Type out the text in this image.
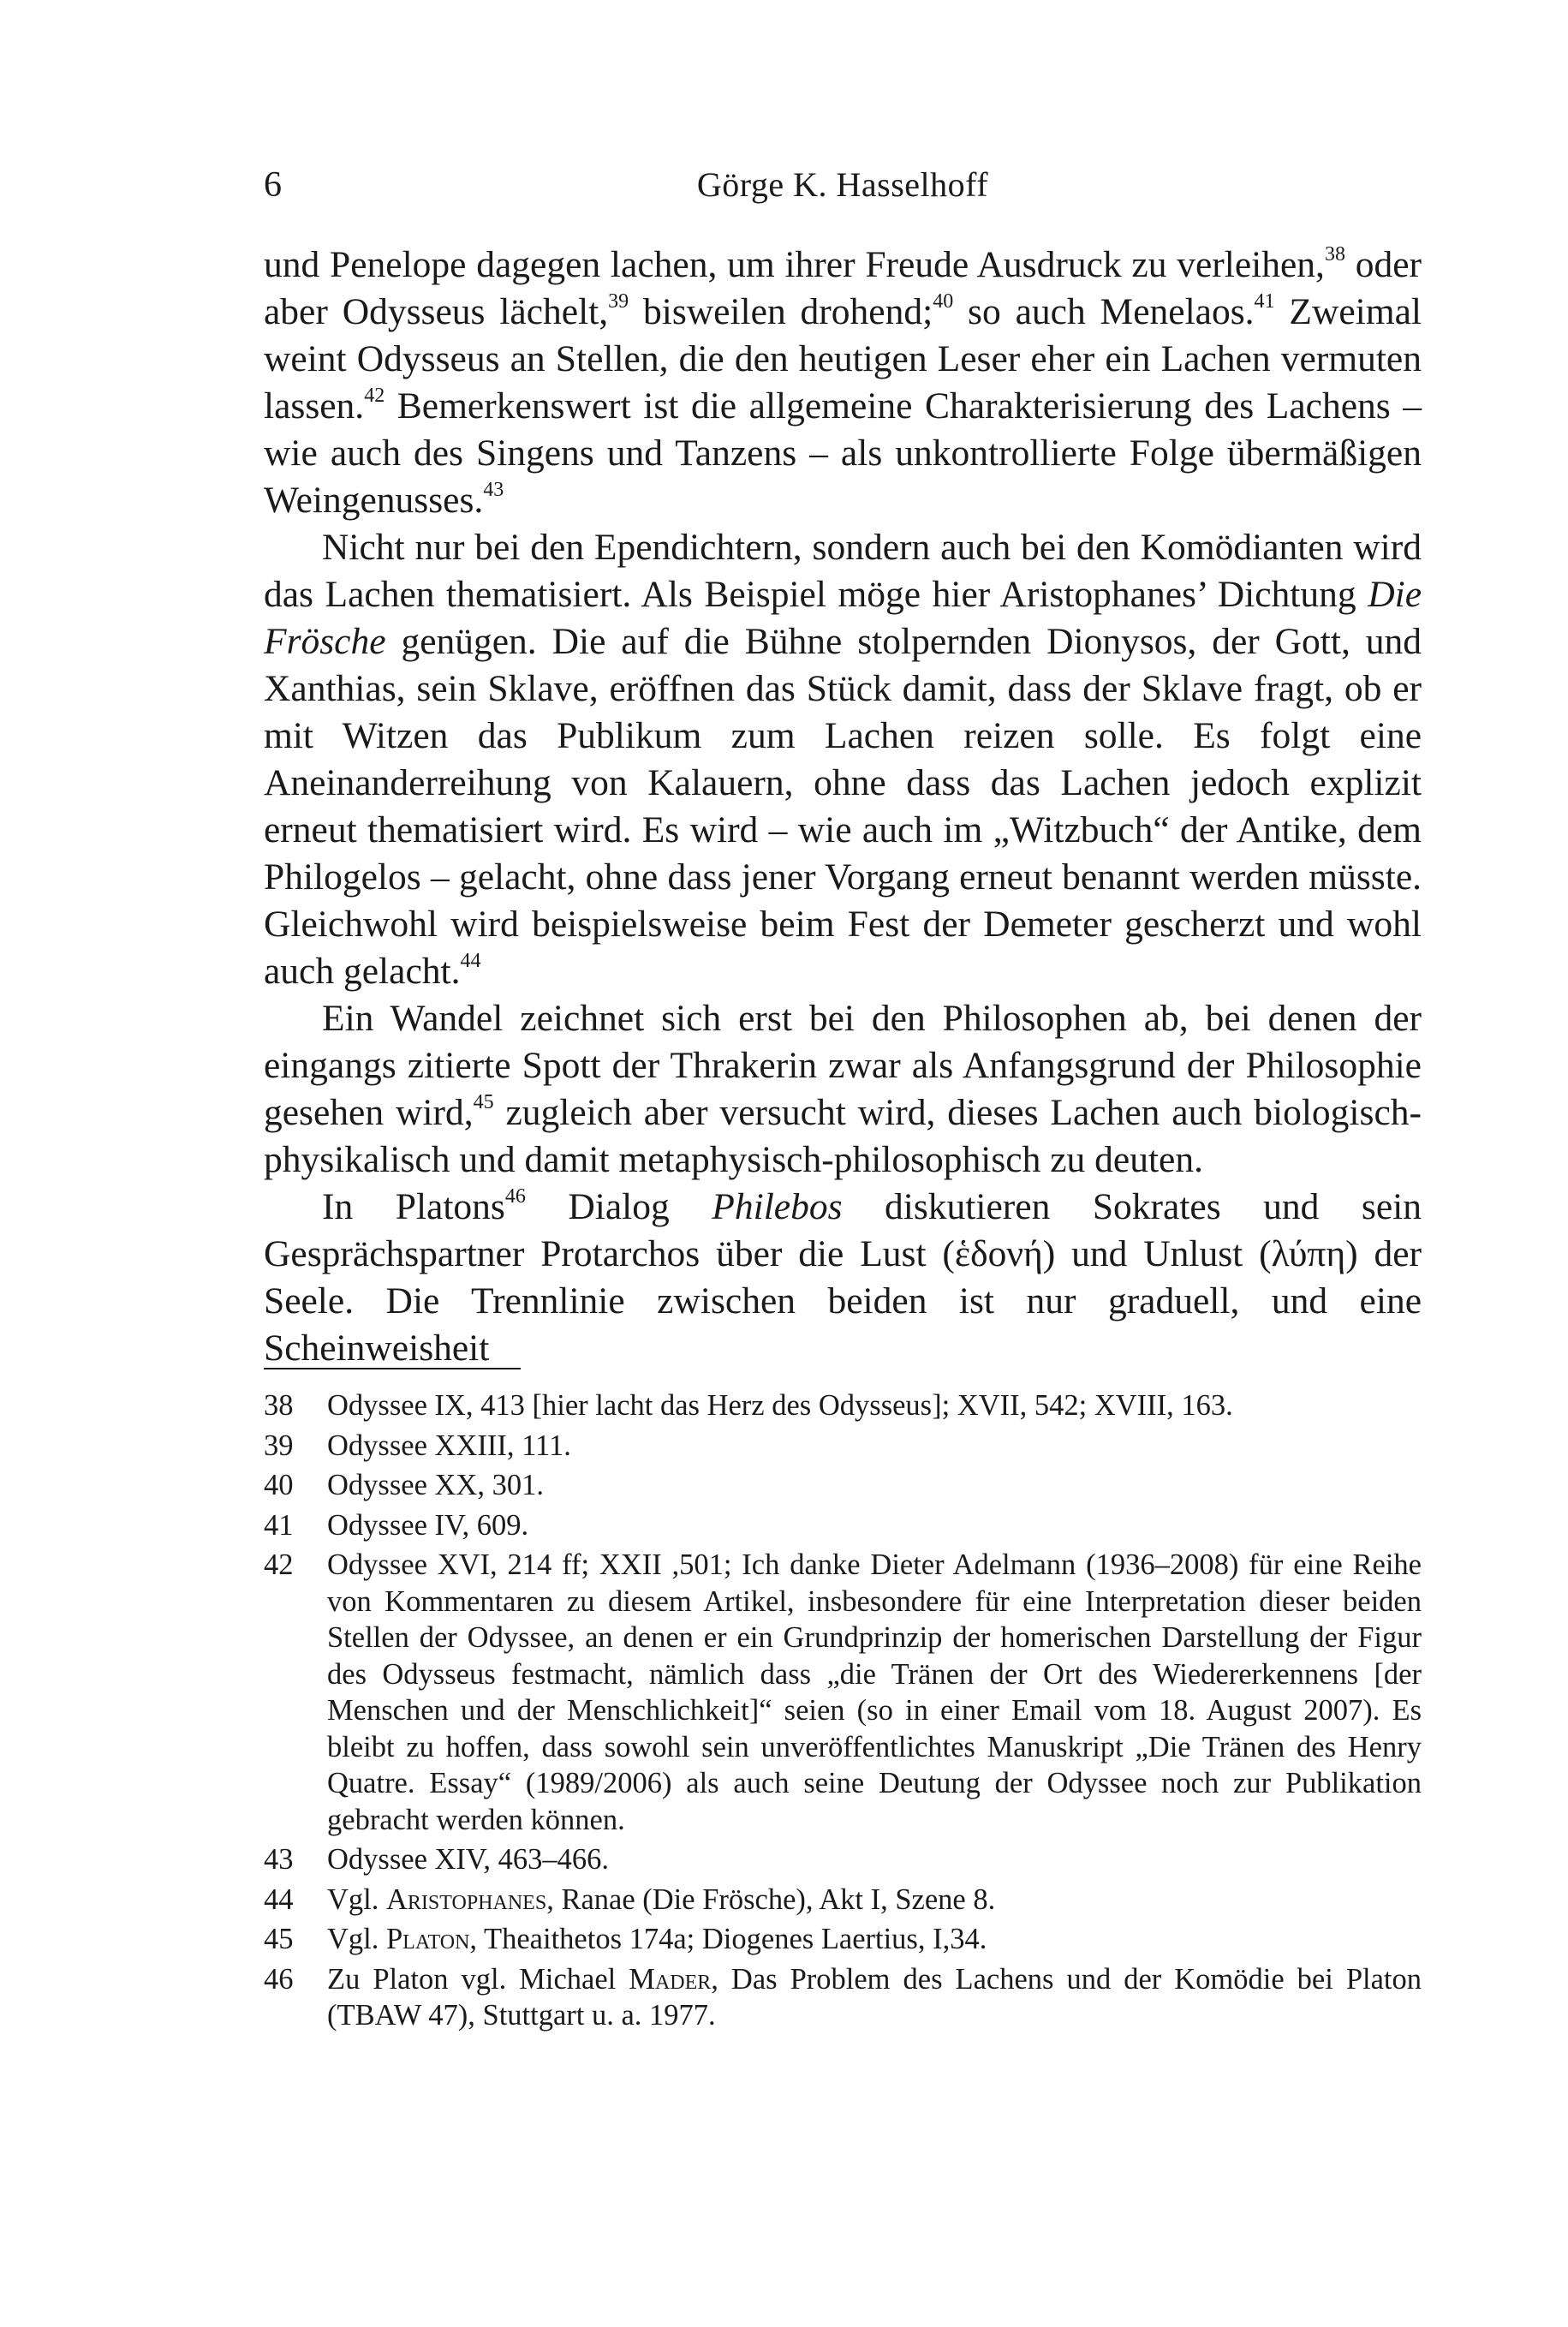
6	Görge K. Hasselhoff

und Penelope dagegen lachen, um ihrer Freude Ausdruck zu verleihen,$^{38}$ oder aber Odysseus lächelt,$^{39}$ bisweilen drohend;$^{40}$ so auch Menelaos.$^{41}$ Zweimal weint Odysseus an Stellen, die den heutigen Leser eher ein Lachen vermuten lassen.$^{42}$ Bemerkenswert ist die allgemeine Charakterisierung des Lachens – wie auch des Singens und Tanzens – als unkontrollierte Folge übermäßigen Weingenusses.$^{43}$

Nicht nur bei den Ependichtern, sondern auch bei den Komödianten wird das Lachen thematisiert. Als Beispiel möge hier Aristophanes’ Dichtung Die Frösche genügen. Die auf die Bühne stolpernden Dionysos, der Gott, und Xanthias, sein Sklave, eröffnen das Stück damit, dass der Sklave fragt, ob er mit Witzen das Publikum zum Lachen reizen solle. Es folgt eine Aneinanderreihung von Kalauern, ohne dass das Lachen jedoch explizit erneut thematisiert wird. Es wird – wie auch im „Witzbuch“ der Antike, dem Philogelos – gelacht, ohne dass jener Vorgang erneut benannt werden müsste. Gleichwohl wird beispielsweise beim Fest der Demeter gescherzt und wohl auch gelacht.$^{44}$

Ein Wandel zeichnet sich erst bei den Philosophen ab, bei denen der eingangs zitierte Spott der Thrakerin zwar als Anfangsgrund der Philosophie gesehen wird,$^{45}$ zugleich aber versucht wird, dieses Lachen auch biologisch-physikalisch und damit metaphysisch-philosophisch zu deuten.

In Platons$^{46}$ Dialog Philebos diskutieren Sokrates und sein Gesprächspartner Protarchos über die Lust (ἑδονή) und Unlust (λύπη) der Seele. Die Trennlinie zwischen beiden ist nur graduell, und eine Scheinweisheit

38	Odyssee IX, 413 [hier lacht das Herz des Odysseus]; XVII, 542; XVIII, 163.
39	Odyssee XXIII, 111.
40	Odyssee XX, 301.
41	Odyssee IV, 609.
42	Odyssee XVI, 214 ff; XXII ,501; Ich danke Dieter Adelmann (1936–2008) für eine Reihe von Kommentaren zu diesem Artikel, insbesondere für eine Interpretation dieser beiden Stellen der Odyssee, an denen er ein Grundprinzip der homerischen Darstellung der Figur des Odysseus festmacht, nämlich dass „die Tränen der Ort des Wiedererkennens [der Menschen und der Menschlichkeit]“ seien (so in einer Email vom 18. August 2007). Es bleibt zu hoffen, dass sowohl sein unveröffentlichtes Manuskript „Die Tränen des Henry Quatre. Essay“ (1989/2006) als auch seine Deutung der Odyssee noch zur Publikation gebracht werden können.
43	Odyssee XIV, 463–466.
44	Vgl. Aristophanes, Ranae (Die Frösche), Akt I, Szene 8.
45	Vgl. Platon, Theaithetos 174a; Diogenes Laertius, I,34.
46	Zu Platon vgl. Michael Mader, Das Problem des Lachens und der Komödie bei Platon (TBAW 47), Stuttgart u. a. 1977.
